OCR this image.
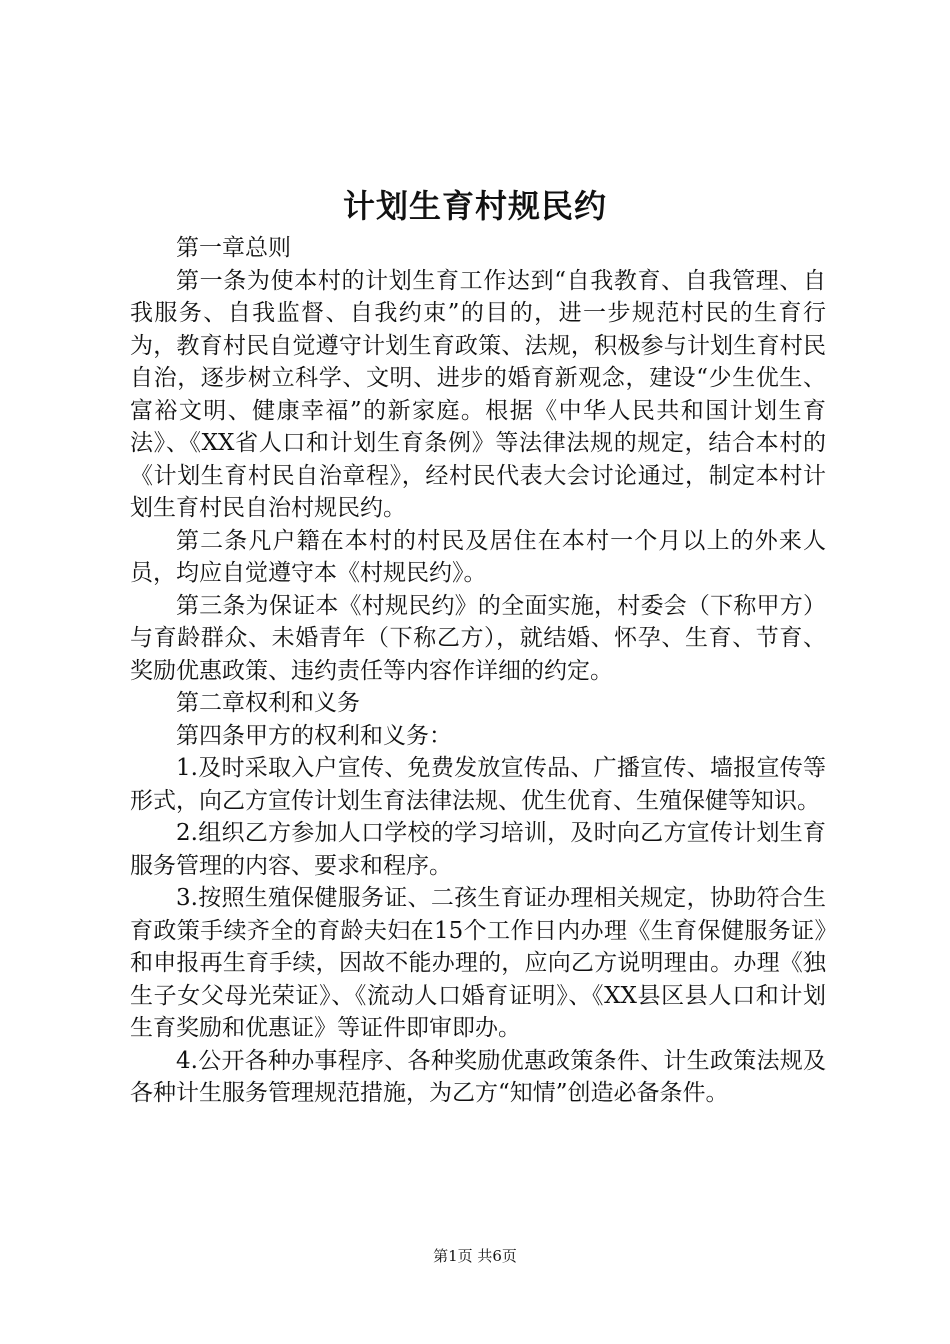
计划生育村规民约

第一章总则

第一条为使本村的计划生育工作达到“自我教育、自我管理、自我服务、自我监督、自我约束”的目的，进一步规范村民的生育行为，教育村民自觉遵守计划生育政策、法规，积极参与计划生育村民自治，逐步树立科学、文明、进步的婚育新观念，建设“少生优生、富裕文明、健康幸福”的新家庭。根据《中华人民共和国计划生育法》、《XX省人口和计划生育条例》等法律法规的规定，结合本村的《计划生育村民自治章程》，经村民代表大会讨论通过，制定本村计划生育村民自治村规民约。

第二条凡户籍在本村的村民及居住在本村一个月以上的外来人员，均应自觉遵守本《村规民约》。

第三条为保证本《村规民约》的全面实施，村委会（下称甲方）与育龄群众、未婚青年（下称乙方），就结婚、怀孕、生育、节育、奖励优惠政策、违约责任等内容作详细的约定。

第二章权利和义务

第四条甲方的权利和义务：

1.及时采取入户宣传、免费发放宣传品、广播宣传、墙报宣传等形式，向乙方宣传计划生育法律法规、优生优育、生殖保健等知识。

2.组织乙方参加人口学校的学习培训，及时向乙方宣传计划生育服务管理的内容、要求和程序。

3.按照生殖保健服务证、二孩生育证办理相关规定，协助符合生育政策手续齐全的育龄夫妇在15个工作日内办理《生育保健服务证》和申报再生育手续，因故不能办理的，应向乙方说明理由。办理《独生子女父母光荣证》、《流动人口婚育证明》、《XX县区县人口和计划生育奖励和优惠证》等证件即审即办。

4.公开各种办事程序、各种奖励优惠政策条件、计生政策法规及各种计生服务管理规范措施，为乙方“知情”创造必备条件。

第1页 共6页
